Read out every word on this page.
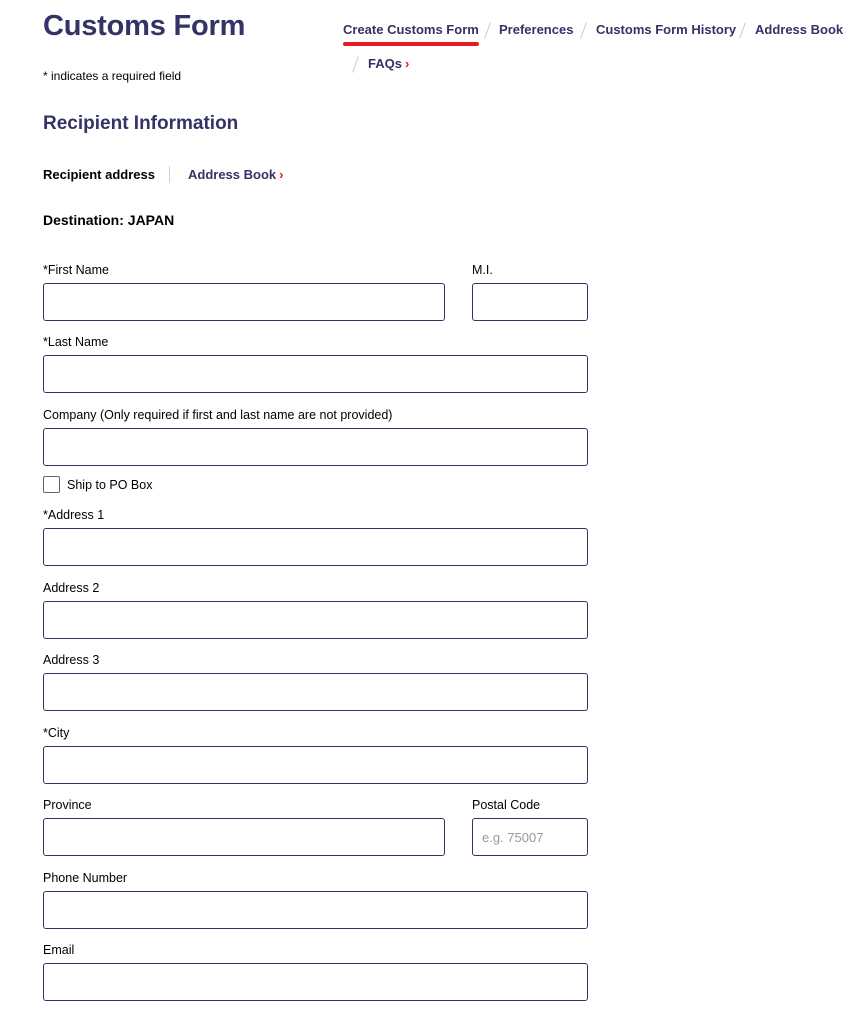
Customs Form
* indicates a required field
Create Customs Form Preferences Customs Form History Address Book
FAQs ›
Recipient Information
Recipient address	Address Book ›
Destination: JAPAN
*First Name	M.I.
*Last Name
Company (Only required if first and last name are not provided)
Ship to PO Box
*Address 1
Address 2
Address 3
*City
Province	Postal Code
e.g. 75007
Phone Number
Email
